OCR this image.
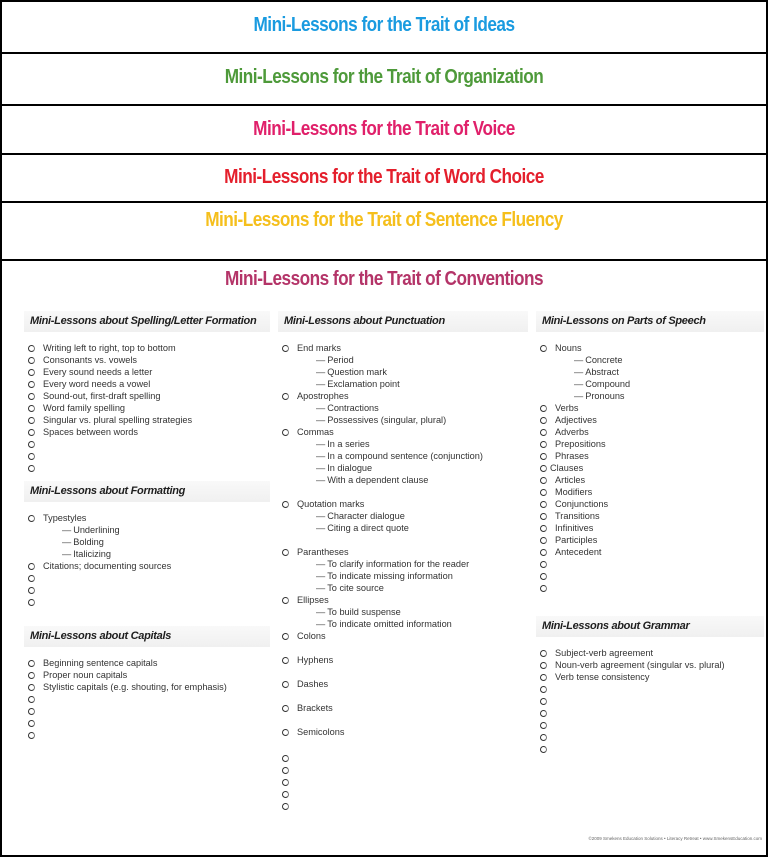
Mini-Lessons for the Trait of Ideas
Mini-Lessons for the Trait of Organization
Mini-Lessons for the Trait of Voice
Mini-Lessons for the Trait of Word Choice
Mini-Lessons for the Trait of Sentence Fluency
Mini-Lessons for the Trait of Conventions
Mini-Lessons about Spelling/Letter Formation
Writing left to right, top to bottom
Consonants vs. vowels
Every sound needs a letter
Every word needs a vowel
Sound-out, first-draft spelling
Word family spelling
Singular vs. plural spelling strategies
Spaces between words
Mini-Lessons about Formatting
Typestyles
— Underlining
— Bolding
— Italicizing
Citations; documenting sources
Mini-Lessons about Capitals
Beginning sentence capitals
Proper noun capitals
Stylistic capitals (e.g. shouting, for emphasis)
Mini-Lessons about Punctuation
End marks
— Period
— Question mark
— Exclamation point
Apostrophes
— Contractions
— Possessives (singular, plural)
Commas
— In a series
— In a compound sentence (conjunction)
— In dialogue
— With a dependent clause
Quotation marks
— Character dialogue
— Citing a direct quote
Parantheses
— To clarify information for the reader
— To indicate missing information
— To cite source
Ellipses
— To build suspense
— To indicate omitted information
Colons
Hyphens
Dashes
Brackets
Semicolons
Mini-Lessons on Parts of Speech
Nouns
— Concrete
— Abstract
— Compound
— Pronouns
Verbs
Adjectives
Adverbs
Prepositions
Phrases
Clauses
Articles
Modifiers
Conjunctions
Transitions
Infinitives
Participles
Antecedent
Mini-Lessons about Grammar
Subject-verb agreement
Noun-verb agreement (singular vs. plural)
Verb tense consistency
©2009 Smekens Education Solutions • Literacy Retreat • www.SmekensEducation.com
